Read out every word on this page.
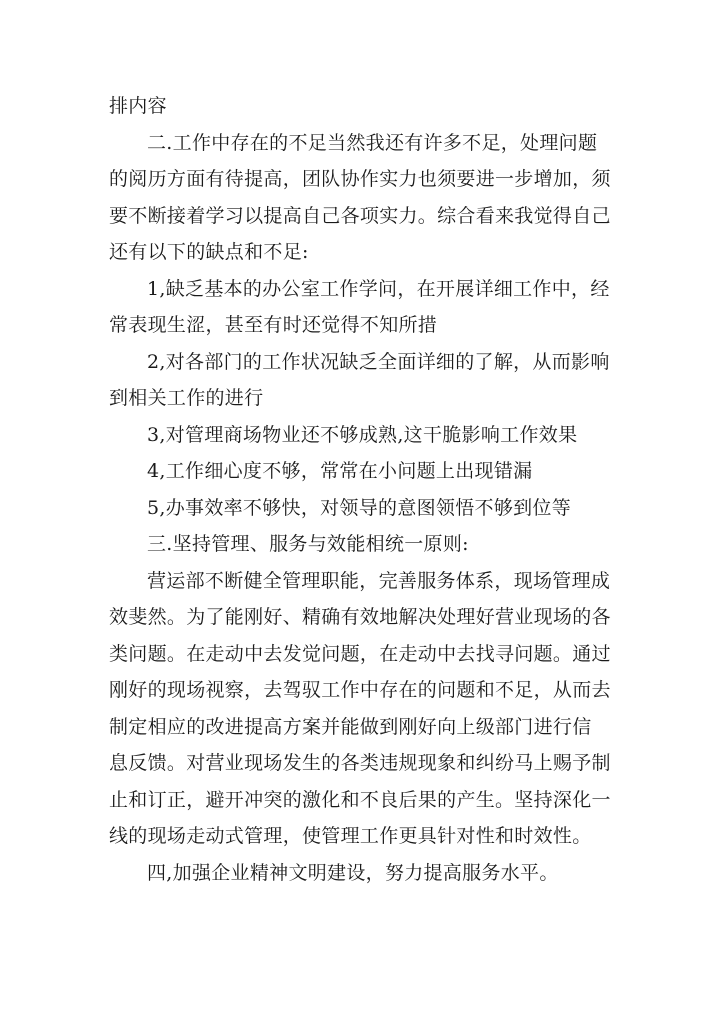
排内容
二.工作中存在的不足当然我还有许多不足，处理问题
的阅历方面有待提高，团队协作实力也须要进一步增加，须
要不断接着学习以提高自己各项实力。综合看来我觉得自己
还有以下的缺点和不足:
1,缺乏基本的办公室工作学问，在开展详细工作中，经
常表现生涩，甚至有时还觉得不知所措
2,对各部门的工作状况缺乏全面详细的了解，从而影响
到相关工作的进行
3,对管理商场物业还不够成熟,这干脆影响工作效果
4,工作细心度不够，常常在小问题上出现错漏
5,办事效率不够快，对领导的意图领悟不够到位等
三.坚持管理、服务与效能相统一原则:
营运部不断健全管理职能，完善服务体系，现场管理成
效斐然。为了能刚好、精确有效地解决处理好营业现场的各
类问题。在走动中去发觉问题，在走动中去找寻问题。通过
刚好的现场视察，去驾驭工作中存在的问题和不足，从而去
制定相应的改进提高方案并能做到刚好向上级部门进行信
息反馈。对营业现场发生的各类违规现象和纠纷马上赐予制
止和订正，避开冲突的激化和不良后果的产生。坚持深化一
线的现场走动式管理，使管理工作更具针对性和时效性。
四,加强企业精神文明建设，努力提高服务水平。
